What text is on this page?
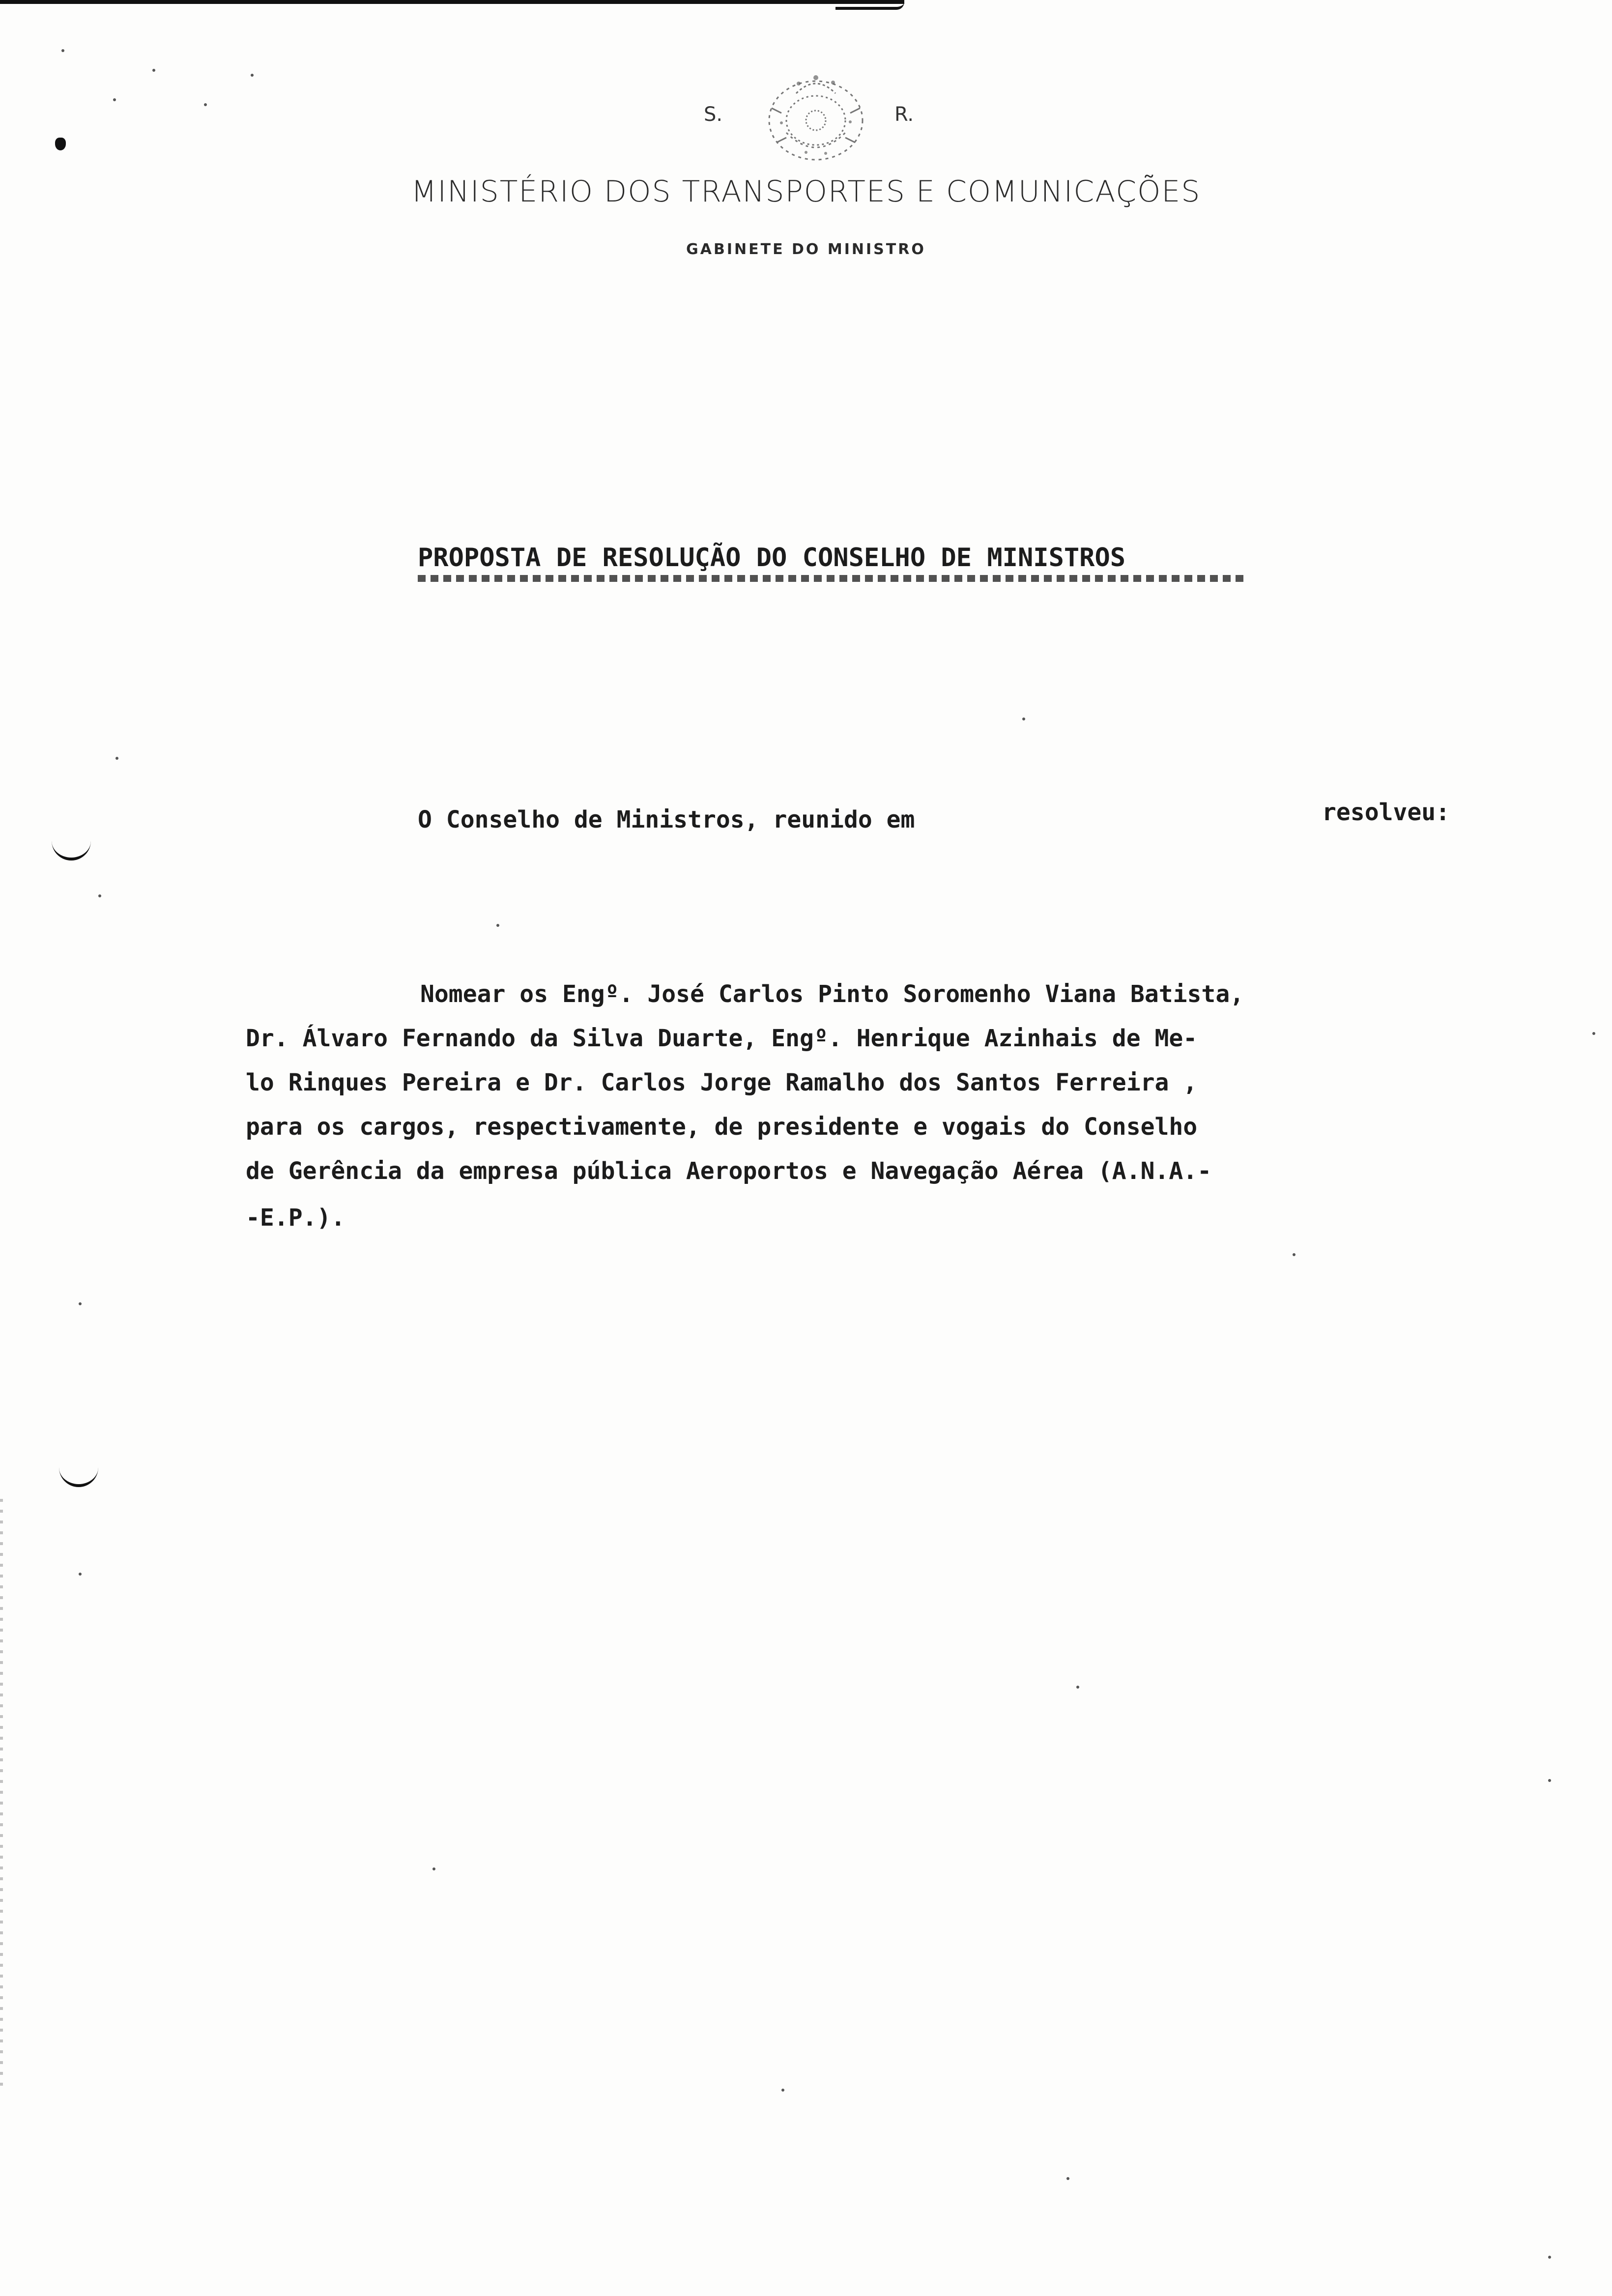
S.	R.
MINISTÉRIO DOS TRANSPORTES E COMUNICAÇÕES
GABINETE DO MINISTRO
PROPOSTA DE RESOLUÇÃO DO CONSELHO DE MINISTROS
O Conselho de Ministros, reunido em	resolveu:
Nomear os Engº. José Carlos Pinto Soromenho Viana Batista,
Dr. Álvaro Fernando da Silva Duarte, Engº. Henrique Azinhais de Me-
lo Rinques Pereira e Dr. Carlos Jorge Ramalho dos Santos Ferreira ,
para os cargos, respectivamente, de presidente e vogais do Conselho
de Gerência da empresa pública Aeroportos e Navegação Aérea (A.N.A.-
-E.P.).
